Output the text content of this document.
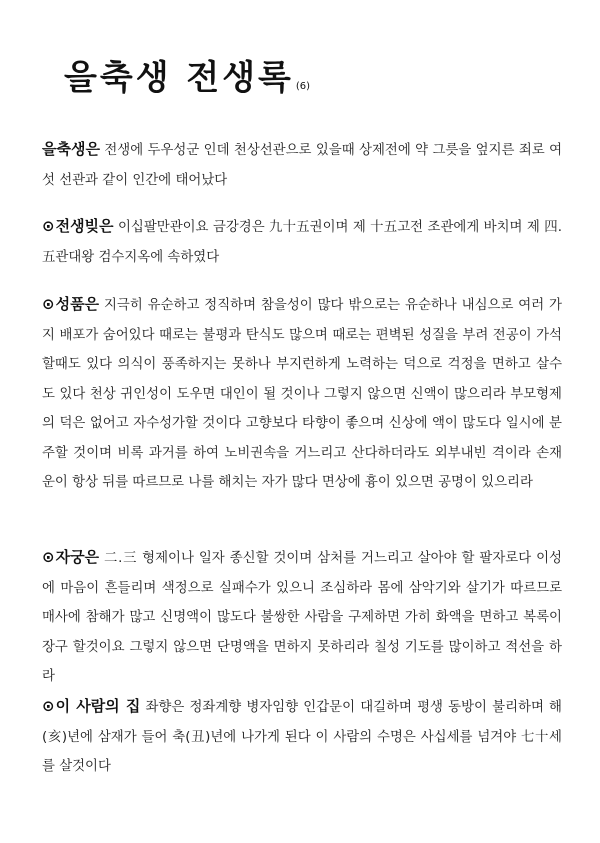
을축생 전생록 (6)
을축생은 전생에 두우성군 인데 천상선관으로 있을때 상제전에 약 그릇을 엎지른 죄로 여섯 선관과 같이 인간에 태어났다
⊙전생빚은 이십팔만관이요 금강경은 九十五권이며 제 十五고전 조관에게 바치며 제 四.五관대왕 검수지옥에 속하였다
⊙성품은 지극히 유순하고 정직하며 참을성이 많다 밖으로는 유순하나 내심으로 여러 가지 배포가 숨어있다 때로는 불평과 탄식도 많으며 때로는 편벽된 성질을 부려 전공이 가석할때도 있다 의식이 풍족하지는 못하나 부지런하게 노력하는 덕으로 걱정을 면하고 살수도 있다 천상 귀인성이 도우면 대인이 될 것이나 그렇지 않으면 신액이 많으리라 부모형제의 덕은 없어고 자수성가할 것이다 고향보다 타향이 좋으며 신상에 액이 많도다 일시에 분주할 것이며 비록 과거를 하여 노비권속을 거느리고 산다하더라도 외부내빈 격이라 손재운이 항상 뒤를 따르므로 나를 해치는 자가 많다 면상에 흉이 있으면 공명이 있으리라
⊙자궁은 二.三 형제이나 일자 종신할 것이며 삼처를 거느리고 살아야 할 팔자로다 이성에 마음이 흔들리며 색정으로 실패수가 있으니 조심하라 몸에 삼악기와 살기가 따르므로 매사에 참해가 많고 신명액이 많도다 불쌍한 사람을 구제하면 가히 화액을 면하고 복록이 장구 할것이요 그렇지 않으면 단명액을 면하지 못하리라 칠성 기도를 많이하고 적선을 하라
⊙이 사람의 집 좌향은 정좌계향 병자임향 인갑문이 대길하며 평생 동방이 불리하며 해(亥)년에 삼재가 들어 축(丑)년에 나가게 된다 이 사람의 수명은 사십세를 넘겨야 七十세를 살것이다
